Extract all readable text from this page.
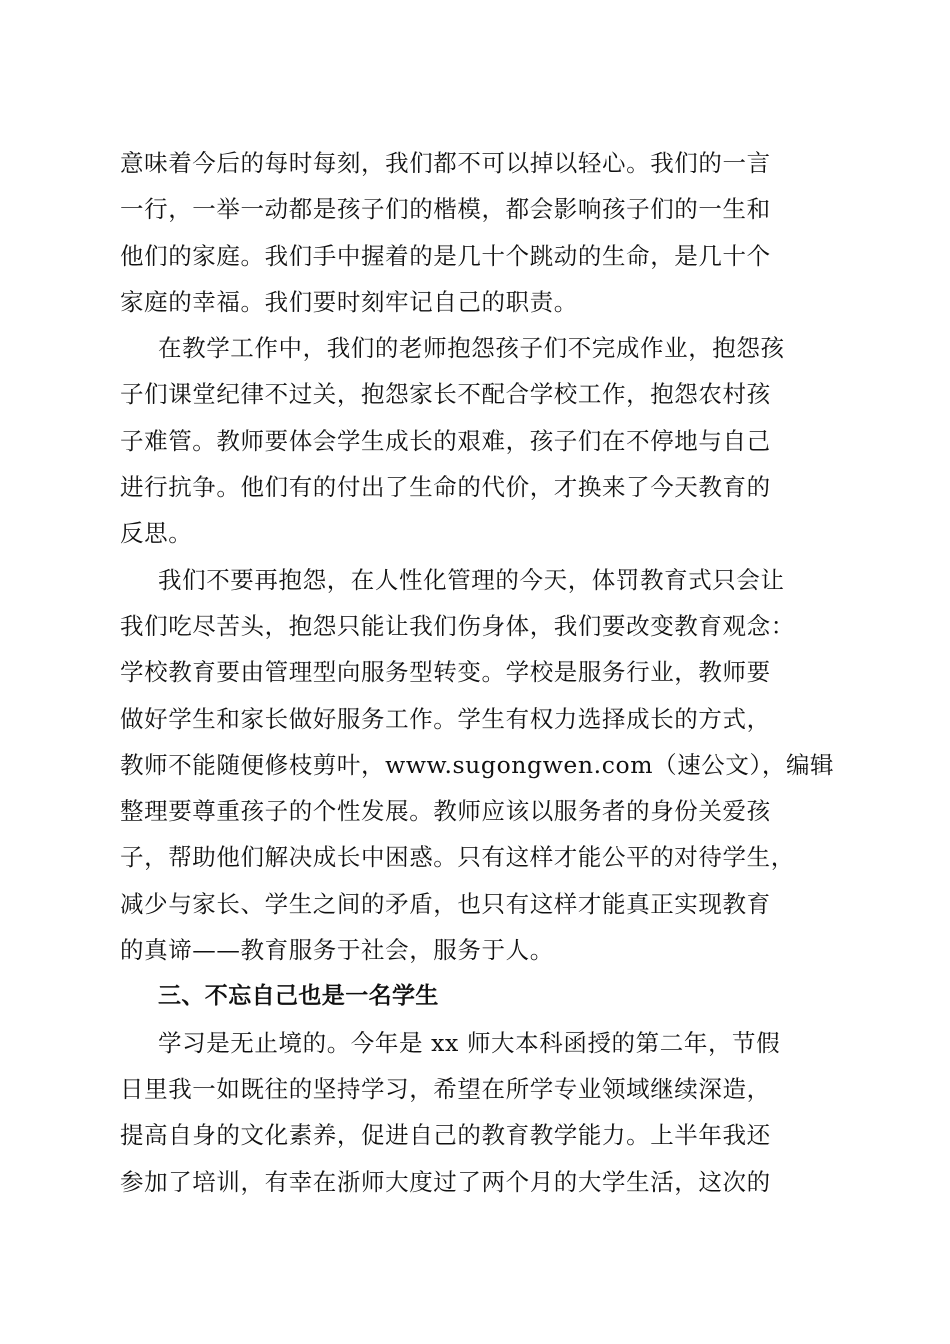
意味着今后的每时每刻，我们都不可以掉以轻心。我们的一言
一行，一举一动都是孩子们的楷模，都会影响孩子们的一生和
他们的家庭。我们手中握着的是几十个跳动的生命，是几十个
家庭的幸福。我们要时刻牢记自己的职责。
在教学工作中，我们的老师抱怨孩子们不完成作业，抱怨孩
子们课堂纪律不过关，抱怨家长不配合学校工作，抱怨农村孩
子难管。教师要体会学生成长的艰难，孩子们在不停地与自己
进行抗争。他们有的付出了生命的代价，才换来了今天教育的
反思。
我们不要再抱怨，在人性化管理的今天，体罚教育式只会让
我们吃尽苦头，抱怨只能让我们伤身体，我们要改变教育观念：
学校教育要由管理型向服务型转变。学校是服务行业，教师要
做好学生和家长做好服务工作。学生有权力选择成长的方式，
教师不能随便修枝剪叶，www.sugongwen.com（速公文），编辑
整理要尊重孩子的个性发展。教师应该以服务者的身份关爱孩
子，帮助他们解决成长中困惑。只有这样才能公平的对待学生，
减少与家长、学生之间的矛盾，也只有这样才能真正实现教育
的真谛——教育服务于社会，服务于人。
三、不忘自己也是一名学生
学习是无止境的。今年是 xx 师大本科函授的第二年，节假
日里我一如既往的坚持学习，希望在所学专业领域继续深造，
提高自身的文化素养，促进自己的教育教学能力。上半年我还
参加了培训，有幸在浙师大度过了两个月的大学生活，这次的
